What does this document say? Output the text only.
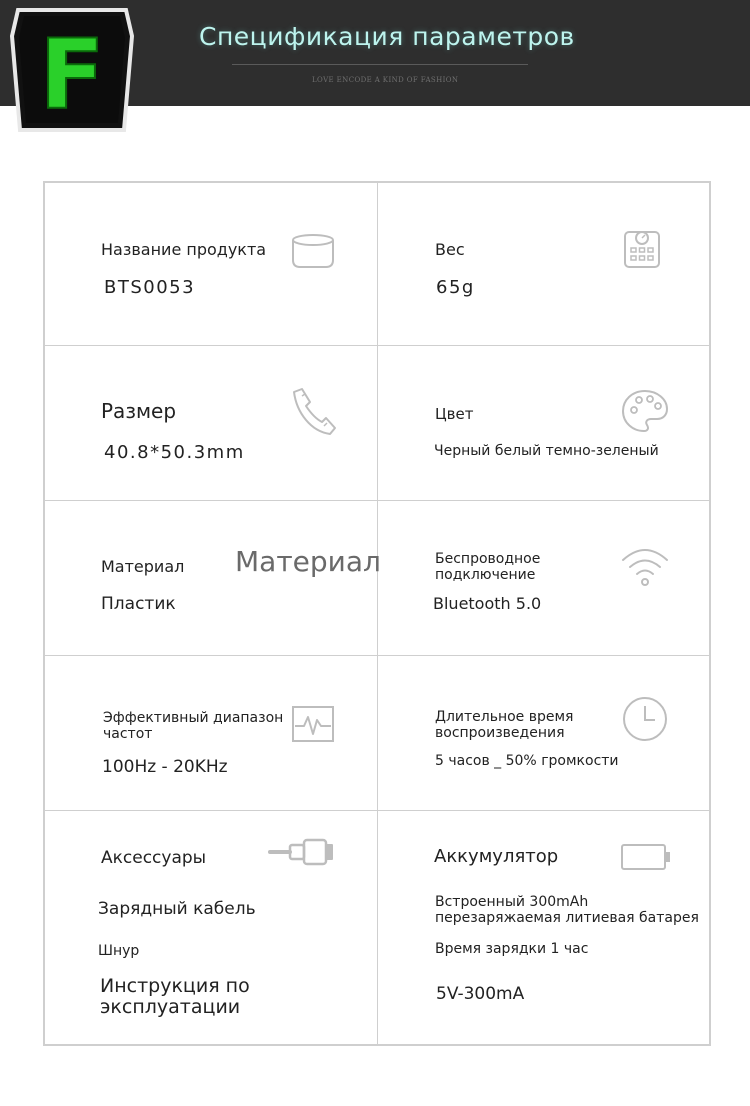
F	Спецификация параметров
LOVE ENCODE A KIND OF FASHION
Название продукта
BTS0053
Вес
65g
Размер
40.8*50.3mm
Цвет
Черный белый темно-зеленый
Материал Материал
Пластик
Беспроводное
подключение
Bluetooth 5.0
Эффективный диапазон
частот
100Hz - 20KHz
Длительное время
воспроизведения
5 часов _ 50% громкости
Аксессуары
Зарядный кабель
Шнур
Инструкция по
эксплуатации
Аккумулятор
Встроенный 300mAh
перезаряжаемая литиевая батарея
Время зарядки 1 час
5V-300mA
